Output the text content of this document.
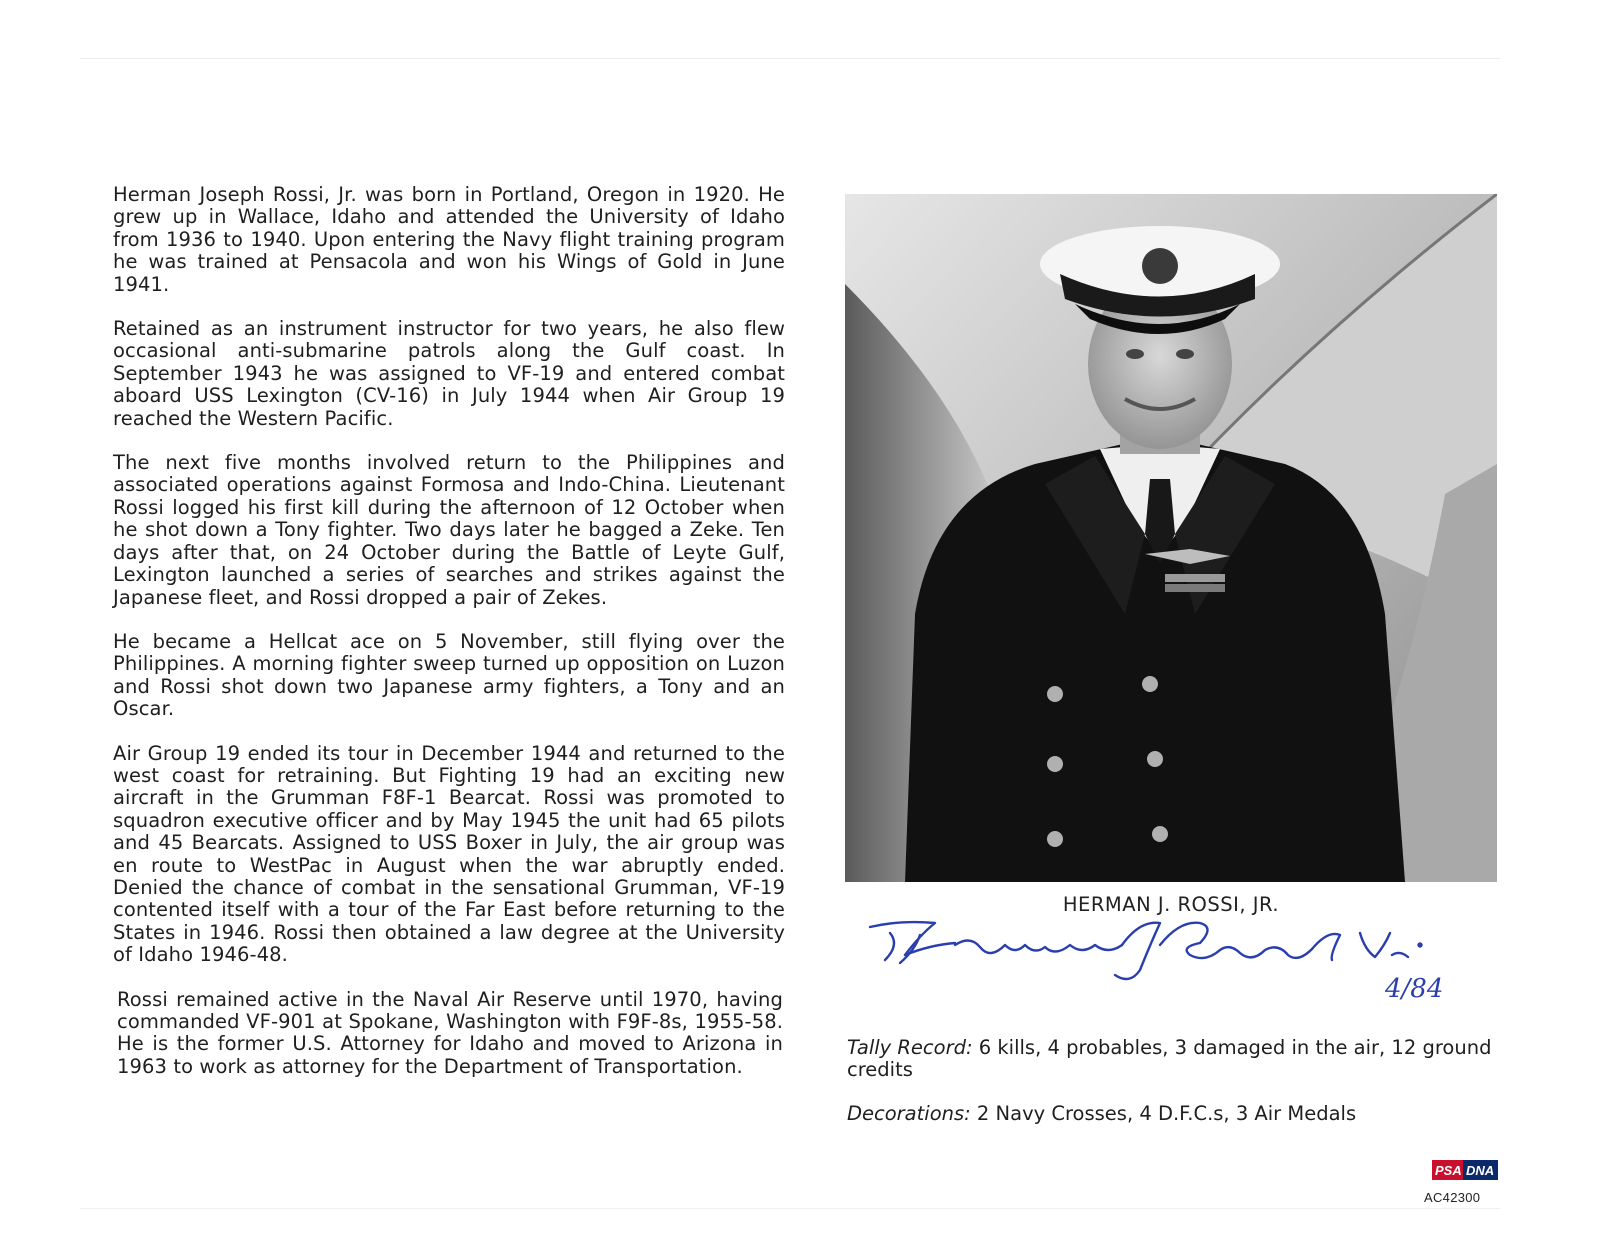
Herman Joseph Rossi, Jr. was born in Portland, Oregon in 1920. He grew up in Wallace, Idaho and attended the University of Idaho from 1936 to 1940. Upon entering the Navy flight training program he was trained at Pensacola and won his Wings of Gold in June 1941.

Retained as an instrument instructor for two years, he also flew occasional anti-submarine patrols along the Gulf coast. In September 1943 he was assigned to VF-19 and entered combat aboard USS Lexington (CV-16) in July 1944 when Air Group 19 reached the Western Pacific.

The next five months involved return to the Philippines and associated operations against Formosa and Indo-China. Lieutenant Rossi logged his first kill during the afternoon of 12 October when he shot down a Tony fighter. Two days later he bagged a Zeke. Ten days after that, on 24 October during the Battle of Leyte Gulf, Lexington launched a series of searches and strikes against the Japanese fleet, and Rossi dropped a pair of Zekes.

He became a Hellcat ace on 5 November, still flying over the Philippines. A morning fighter sweep turned up opposition on Luzon and Rossi shot down two Japanese army fighters, a Tony and an Oscar.

Air Group 19 ended its tour in December 1944 and returned to the west coast for retraining. But Fighting 19 had an exciting new aircraft in the Grumman F8F-1 Bearcat. Rossi was promoted to squadron executive officer and by May 1945 the unit had 65 pilots and 45 Bearcats. Assigned to USS Boxer in July, the air group was en route to WestPac in August when the war abruptly ended. Denied the chance of combat in the sensational Grumman, VF-19 contented itself with a tour of the Far East before returning to the States in 1946. Rossi then obtained a law degree at the University of Idaho 1946-48.

Rossi remained active in the Naval Air Reserve until 1970, having commanded VF-901 at Spokane, Washington with F9F-8s, 1955-58. He is the former U.S. Attorney for Idaho and moved to Arizona in 1963 to work as attorney for the Department of Transportation.

HERMAN J. ROSSI, JR.
4/84
Tally Record: 6 kills, 4 probables, 3 damaged in the air, 12 ground credits
Decorations: 2 Navy Crosses, 4 D.F.C.s, 3 Air Medals
PSA DNA
AC42300
